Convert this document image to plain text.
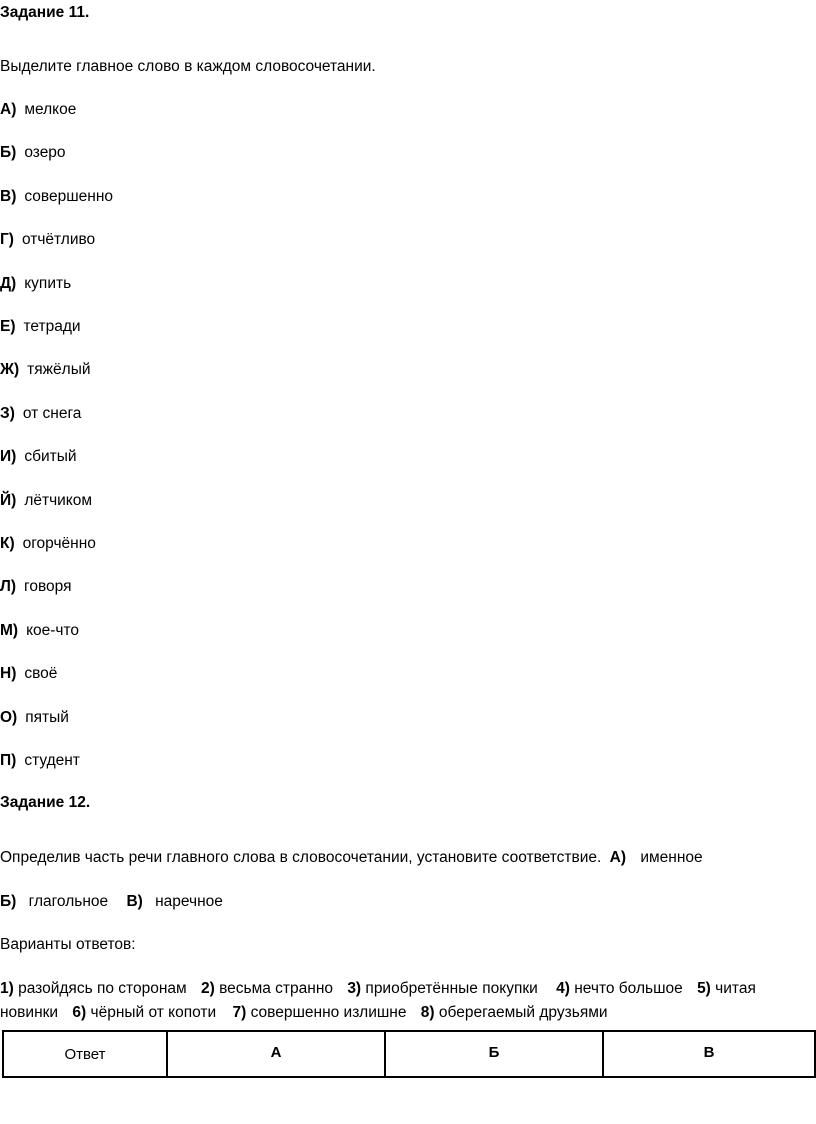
Задание 11.
Выделите главное слово в каждом словосочетании.
А) мелкое
Б) озеро
В) совершенно
Г) отчётливо
Д) купить
Е) тетради
Ж) тяжёлый
З) от снега
И) сбитый
Й) лётчиком
К) огорчённо
Л) говоря
М) кое-что
Н) своё
О) пятый
П) студент
Задание 12.
Определив часть речи главного слова в словосочетании, установите соответствие. А) именное
Б) глагольное В) наречное
Варианты ответов:
1) разойдясь по сторонам 2) весьма странно 3) приобретённые покупки 4) нечто большое 5) читая
новинки 6) чёрный от копоти 7) совершенно излишне 8) оберегаемый друзьями
Ответ	А	Б	В
